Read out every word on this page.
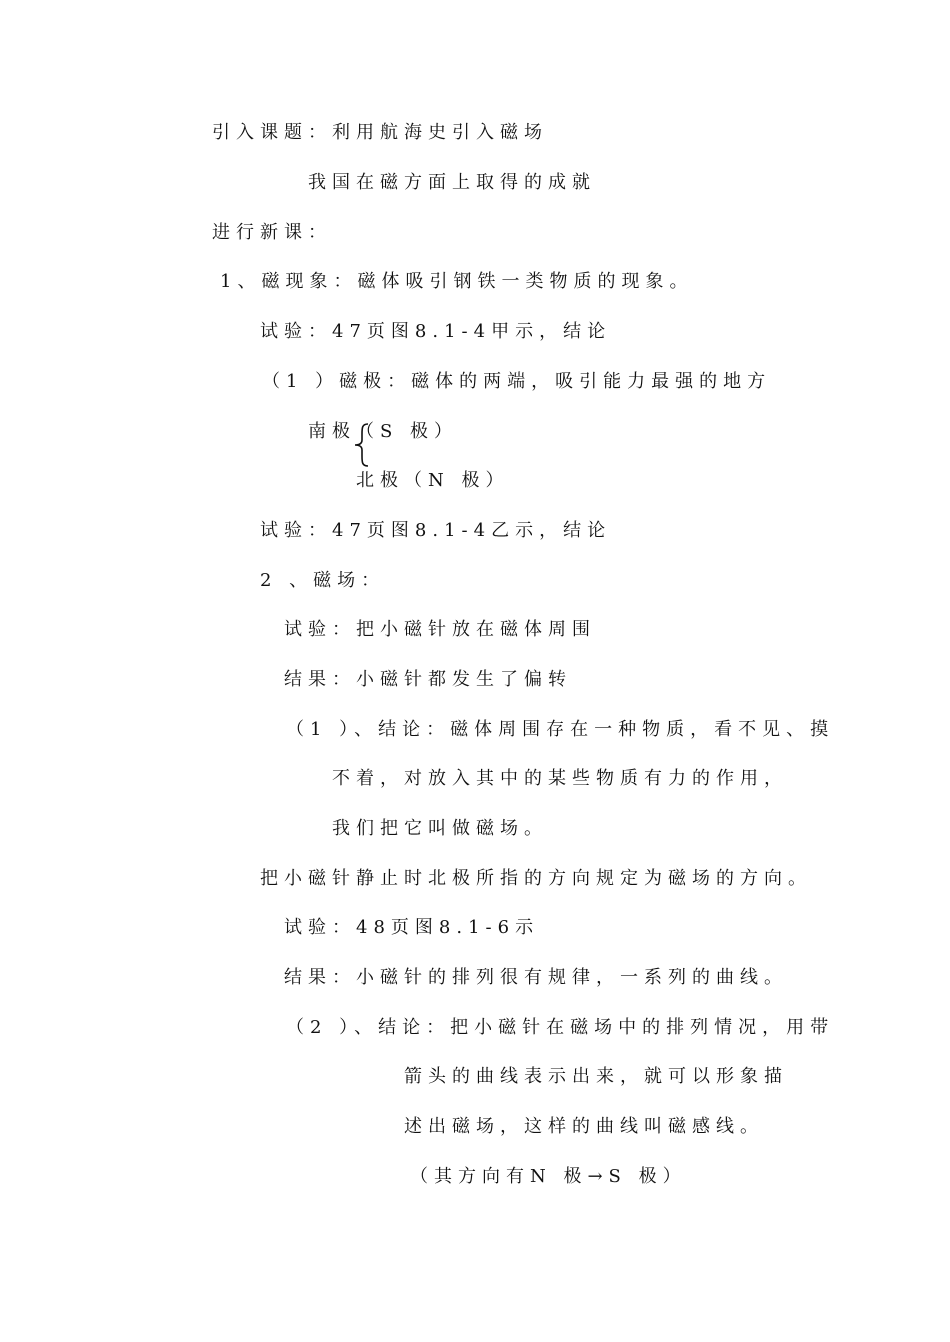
引入课题：利用航海史引入磁场
我国在磁方面上取得的成就
进行新课：
1、磁现象：磁体吸引钢铁一类物质的现象。
试验：47页图8.1-4甲示，结论
（1 ）磁极：磁体的两端，吸引能力最强的地方
南极（S 极）
北极（N 极）
试验：47页图8.1-4乙示，结论
2 、磁场：
试验：把小磁针放在磁体周围
结果：小磁针都发生了偏转
（1 ）、结论：磁体周围存在一种物质，看不见、摸
不着，对放入其中的某些物质有力的作用，
我们把它叫做磁场。
把小磁针静止时北极所指的方向规定为磁场的方向。
试验：48页图8.1-6示
结果：小磁针的排列很有规律，一系列的曲线。
（2 ）、结论：把小磁针在磁场中的排列情况，用带
箭头的曲线表示出来，就可以形象描
述出磁场，这样的曲线叫磁感线。
（其方向有N 极→S 极）
